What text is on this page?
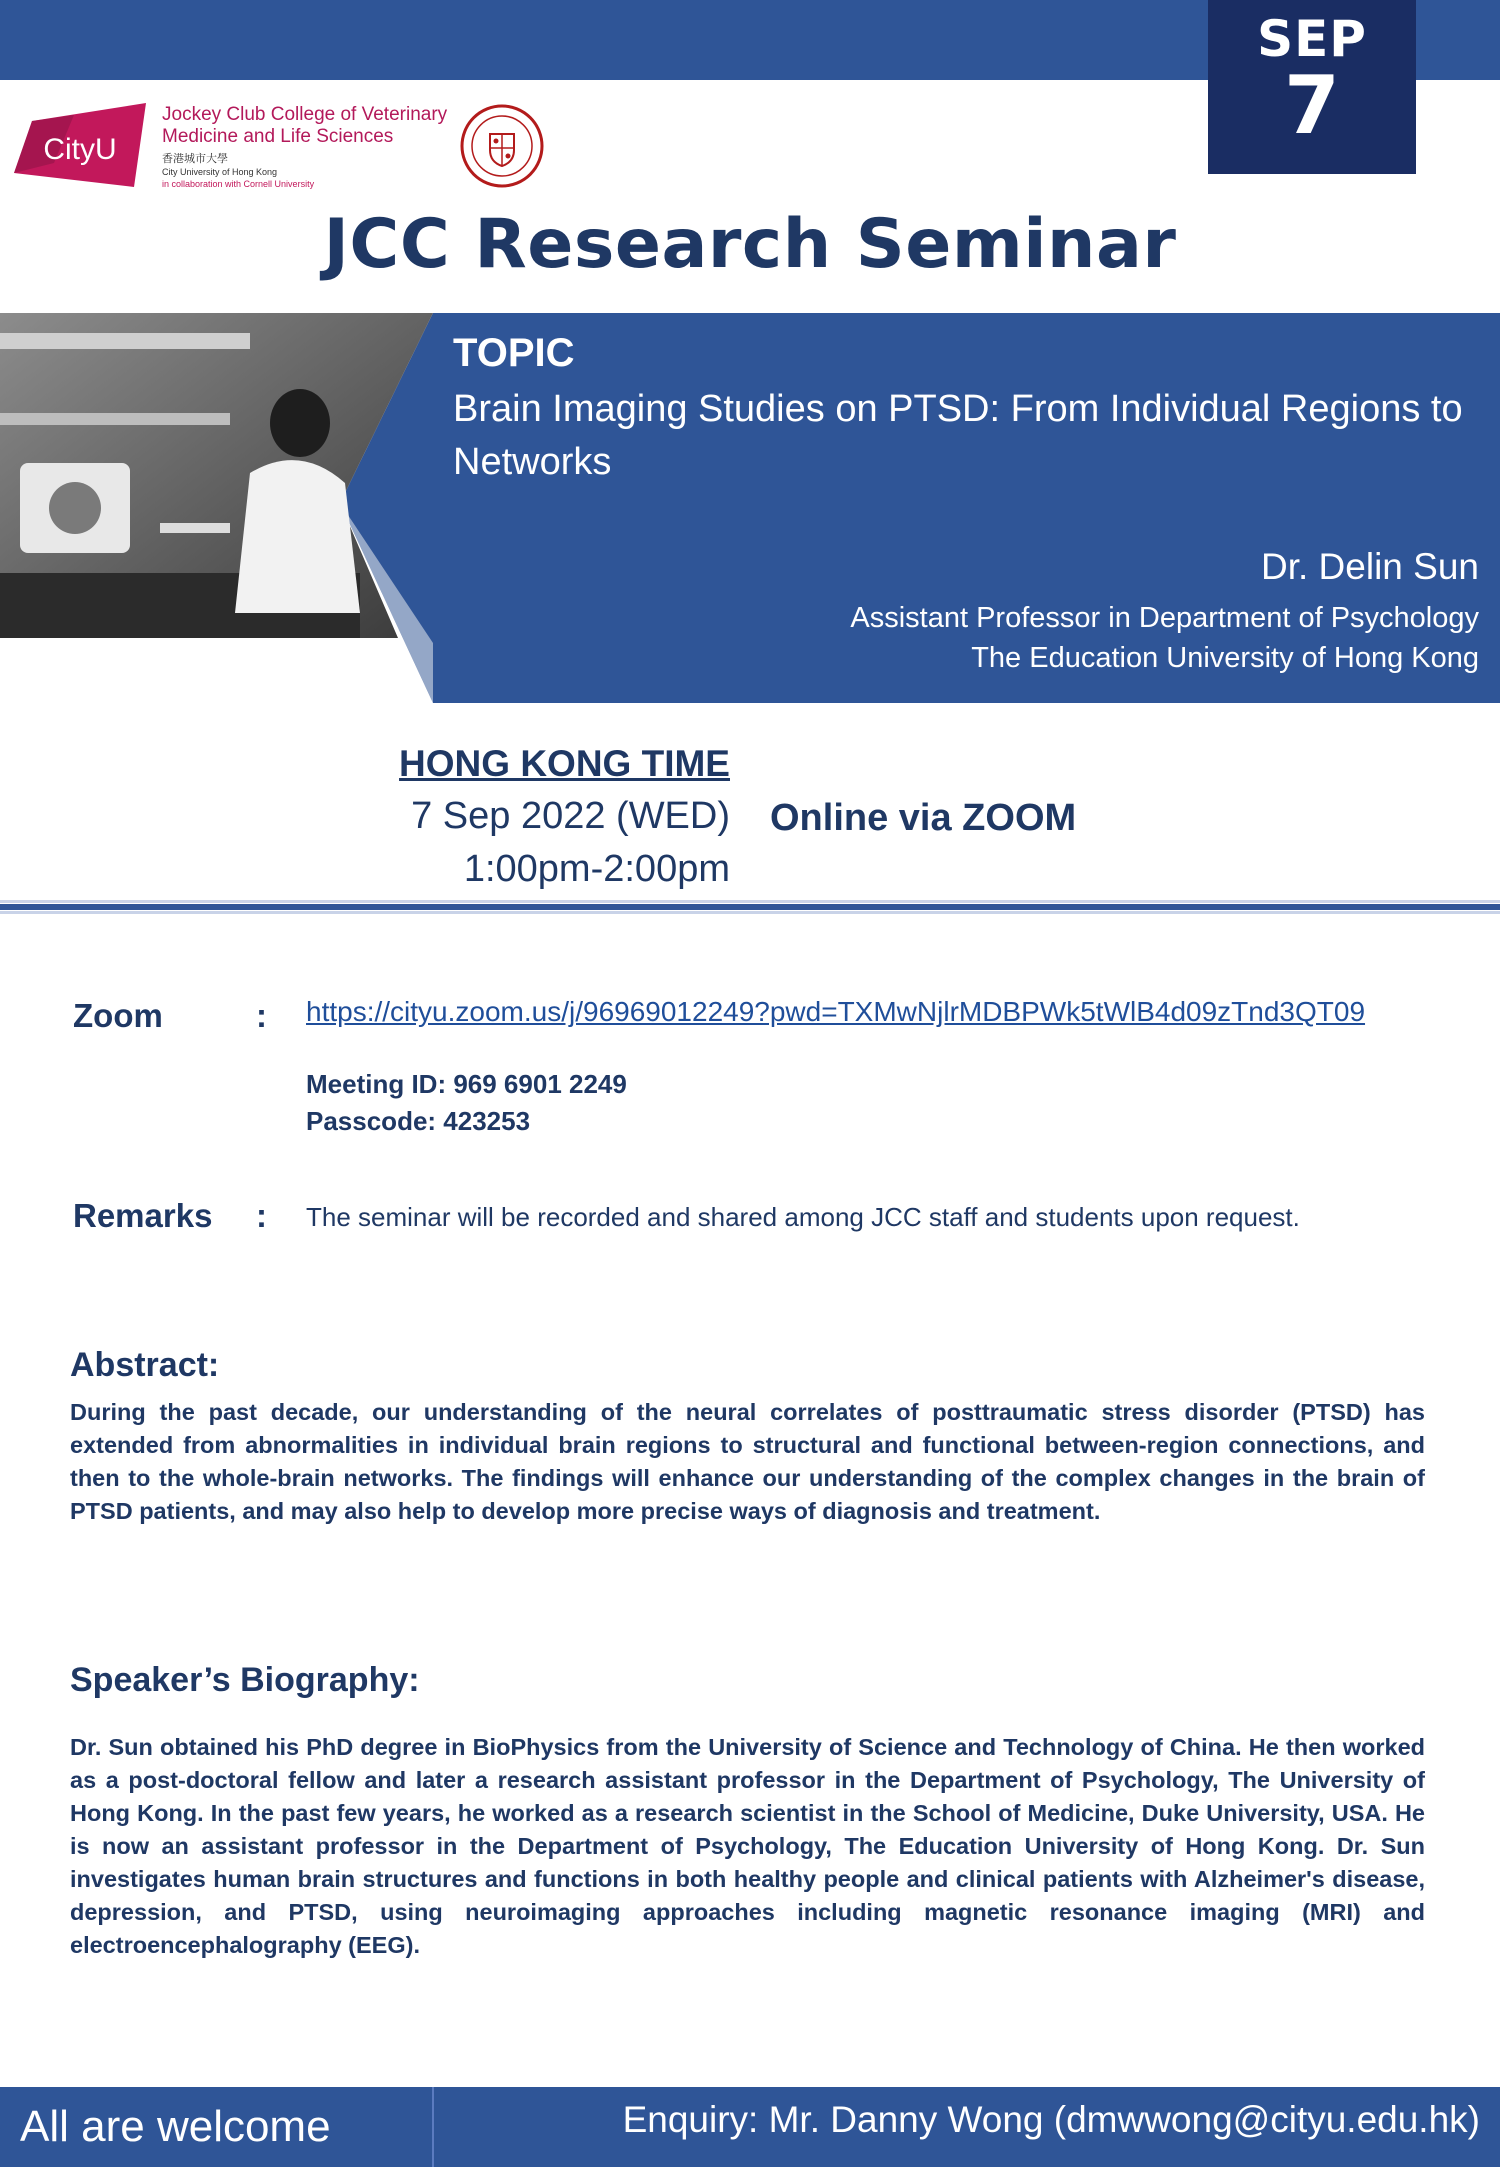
SEP
7
CityU
Jockey Club College of Veterinary
Medicine and Life Sciences
香港城市大學
City University of Hong Kong
in collaboration with Cornell University
JCC Research Seminar
TOPIC
Brain Imaging Studies on PTSD: From Individual Regions to Networks
Dr. Delin Sun
Assistant Professor in Department of Psychology
The Education University of Hong Kong
HONG KONG TIME
7 Sep 2022 (WED)
1:00pm-2:00pm
Online via ZOOM
Zoom	: https://cityu.zoom.us/j/96969012249?pwd=TXMwNjlrMDBPWk5tWlB4d09zTnd3QT09
Meeting ID: 969 6901 2249
Passcode: 423253
Remarks : The seminar will be recorded and shared among JCC staff and students upon request.
Abstract:
During the past decade, our understanding of the neural correlates of posttraumatic stress disorder (PTSD) has extended from abnormalities in individual brain regions to structural and functional between-region connections, and then to the whole-brain networks. The findings will enhance our understanding of the complex changes in the brain of PTSD patients, and may also help to develop more precise ways of diagnosis and treatment.
Speaker’s Biography:
Dr. Sun obtained his PhD degree in BioPhysics from the University of Science and Technology of China. He then worked as a post-doctoral fellow and later a research assistant professor in the Department of Psychology, The University of Hong Kong. In the past few years, he worked as a research scientist in the School of Medicine, Duke University, USA. He is now an assistant professor in the Department of Psychology, The Education University of Hong Kong. Dr. Sun investigates human brain structures and functions in both healthy people and clinical patients with Alzheimer's disease, depression, and PTSD, using neuroimaging approaches including magnetic resonance imaging (MRI) and electroencephalography (EEG).
All are welcome	Enquiry: Mr. Danny Wong (dmwwong@cityu.edu.hk)
